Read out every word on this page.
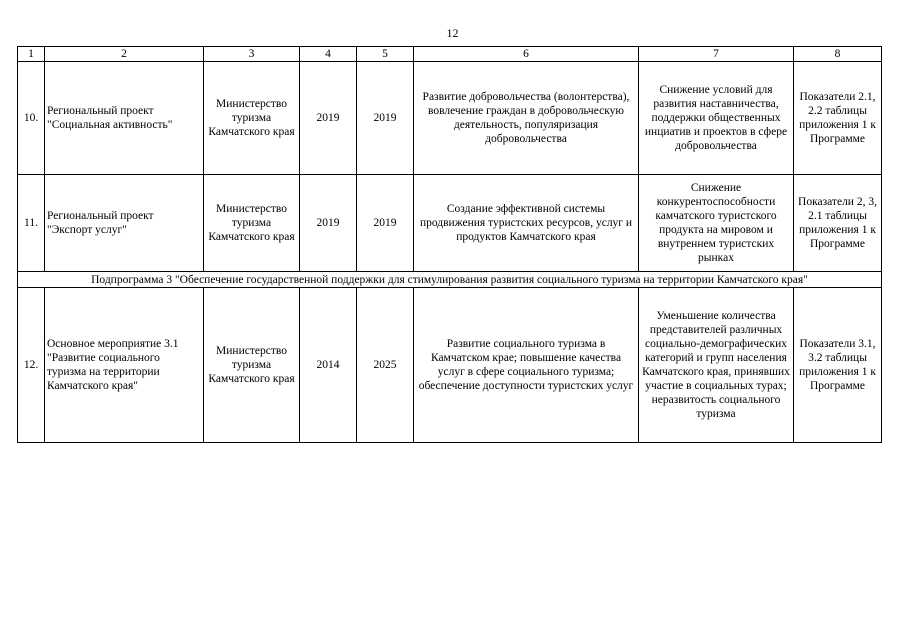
12
1	2	3	4	5	6	7	8
10.	Региональный проект "Социальная активность"	Министерство туризма Камчатского края	2019	2019	Развитие добровольчества (волонтерства), вовлечение граждан в добровольческую деятельность, популяризация добровольчества	Снижение условий для развития наставничества, поддержки общественных инциатив и проектов в сфере добровольчества	Показатели 2.1, 2.2 таблицы приложения 1 к Программе
11.	Региональный проект "Экспорт услуг"	Министерство туризма Камчатского края	2019	2019	Создание эффективной системы продвижения туристских ресурсов, услуг и продуктов Камчатского края	Снижение конкурентоспособности камчатского туристского продукта на мировом и внутреннем туристских рынках	Показатели 2, 3, 2.1 таблицы приложения 1 к Программе
Подпрограмма 3 "Обеспечение государственной поддержки для стимулирования развития социального туризма на территории Камчатского края"							
12.	Основное мероприятие 3.1 "Развитие социального туризма на территории Камчатского края"	Министерство туризма Камчатского края	2014	2025	Развитие социального туризма в Камчатском крае; повышение качества услуг в сфере социального туризма; обеспечение доступности туристских услуг	Уменьшение количества представителей различных социально-демографических категорий и групп населения Камчатского края, принявших участие в социальных турах; неразвитость социального туризма	Показатели 3.1, 3.2 таблицы приложения 1 к Программе
